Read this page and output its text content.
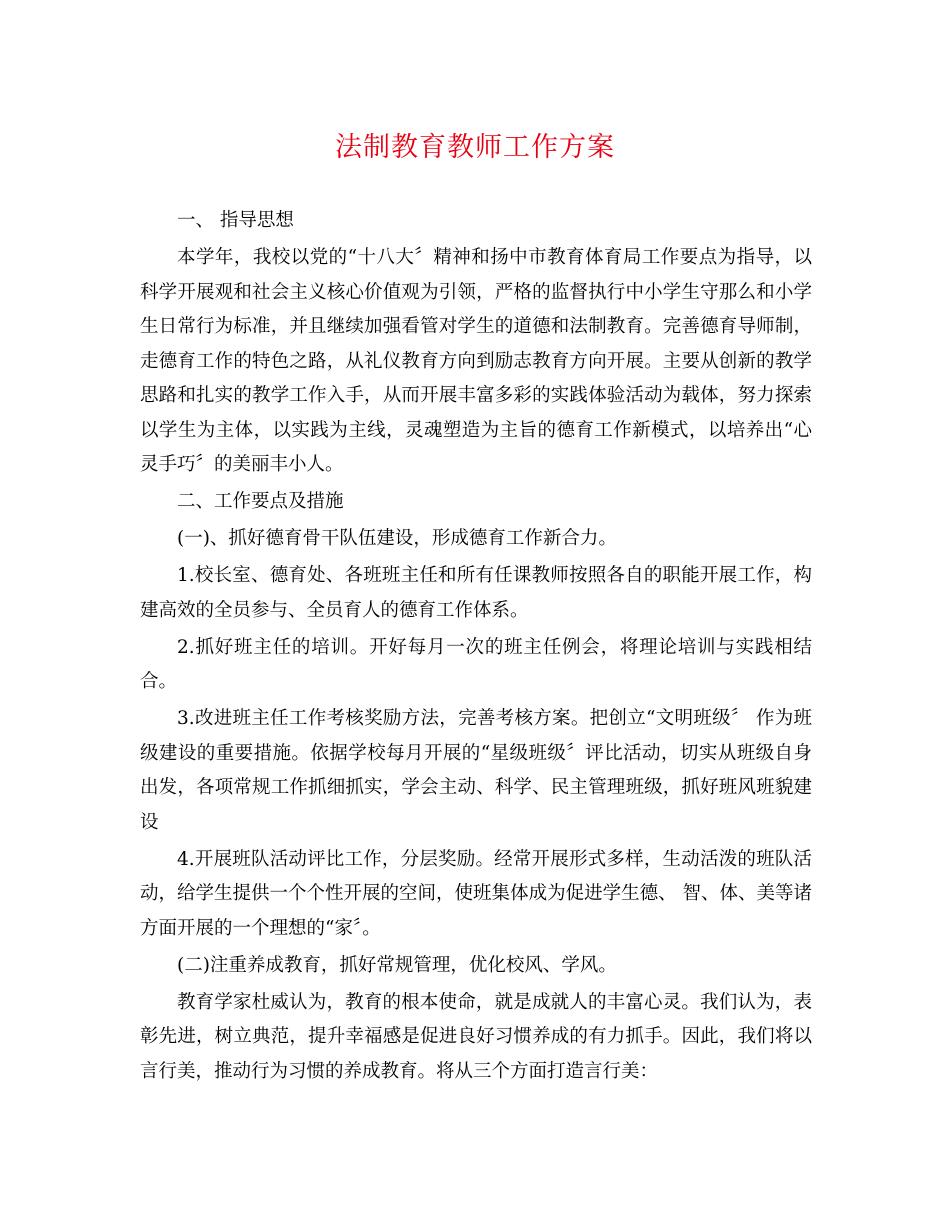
法制教育教师工作方案

一、 指导思想

本学年，我校以党的“十八大〞精神和扬中市教育体育局工作要点为指导，以科学开展观和社会主义核心价值观为引领，严格的监督执行中小学生守那么和小学生日常行为标准，并且继续加强看管对学生的道德和法制教育。完善德育导师制，走德育工作的特色之路，从礼仪教育方向到励志教育方向开展。主要从创新的教学思路和扎实的教学工作入手，从而开展丰富多彩的实践体验活动为载体，努力探索以学生为主体，以实践为主线，灵魂塑造为主旨的德育工作新模式，以培养出“心灵手巧〞的美丽丰小人。

二、工作要点及措施

(一)、抓好德育骨干队伍建设，形成德育工作新合力。

1.校长室、德育处、各班班主任和所有任课教师按照各自的职能开展工作，构建高效的全员参与、全员育人的德育工作体系。

2.抓好班主任的培训。开好每月一次的班主任例会，将理论培训与实践相结合。

3.改进班主任工作考核奖励方法，完善考核方案。把创立“文明班级〞 作为班级建设的重要措施。依据学校每月开展的“星级班级〞评比活动，切实从班级自身出发，各项常规工作抓细抓实，学会主动、科学、民主管理班级，抓好班风班貌建设

4.开展班队活动评比工作，分层奖励。经常开展形式多样，生动活泼的班队活动，给学生提供一个个性开展的空间，使班集体成为促进学生德、 智、体、美等诸方面开展的一个理想的“家〞。

(二)注重养成教育，抓好常规管理，优化校风、学风。

教育学家杜威认为，教育的根本使命，就是成就人的丰富心灵。我们认为，表彰先进，树立典范，提升幸福感是促进良好习惯养成的有力抓手。因此，我们将以言行美，推动行为习惯的养成教育。将从三个方面打造言行美：
